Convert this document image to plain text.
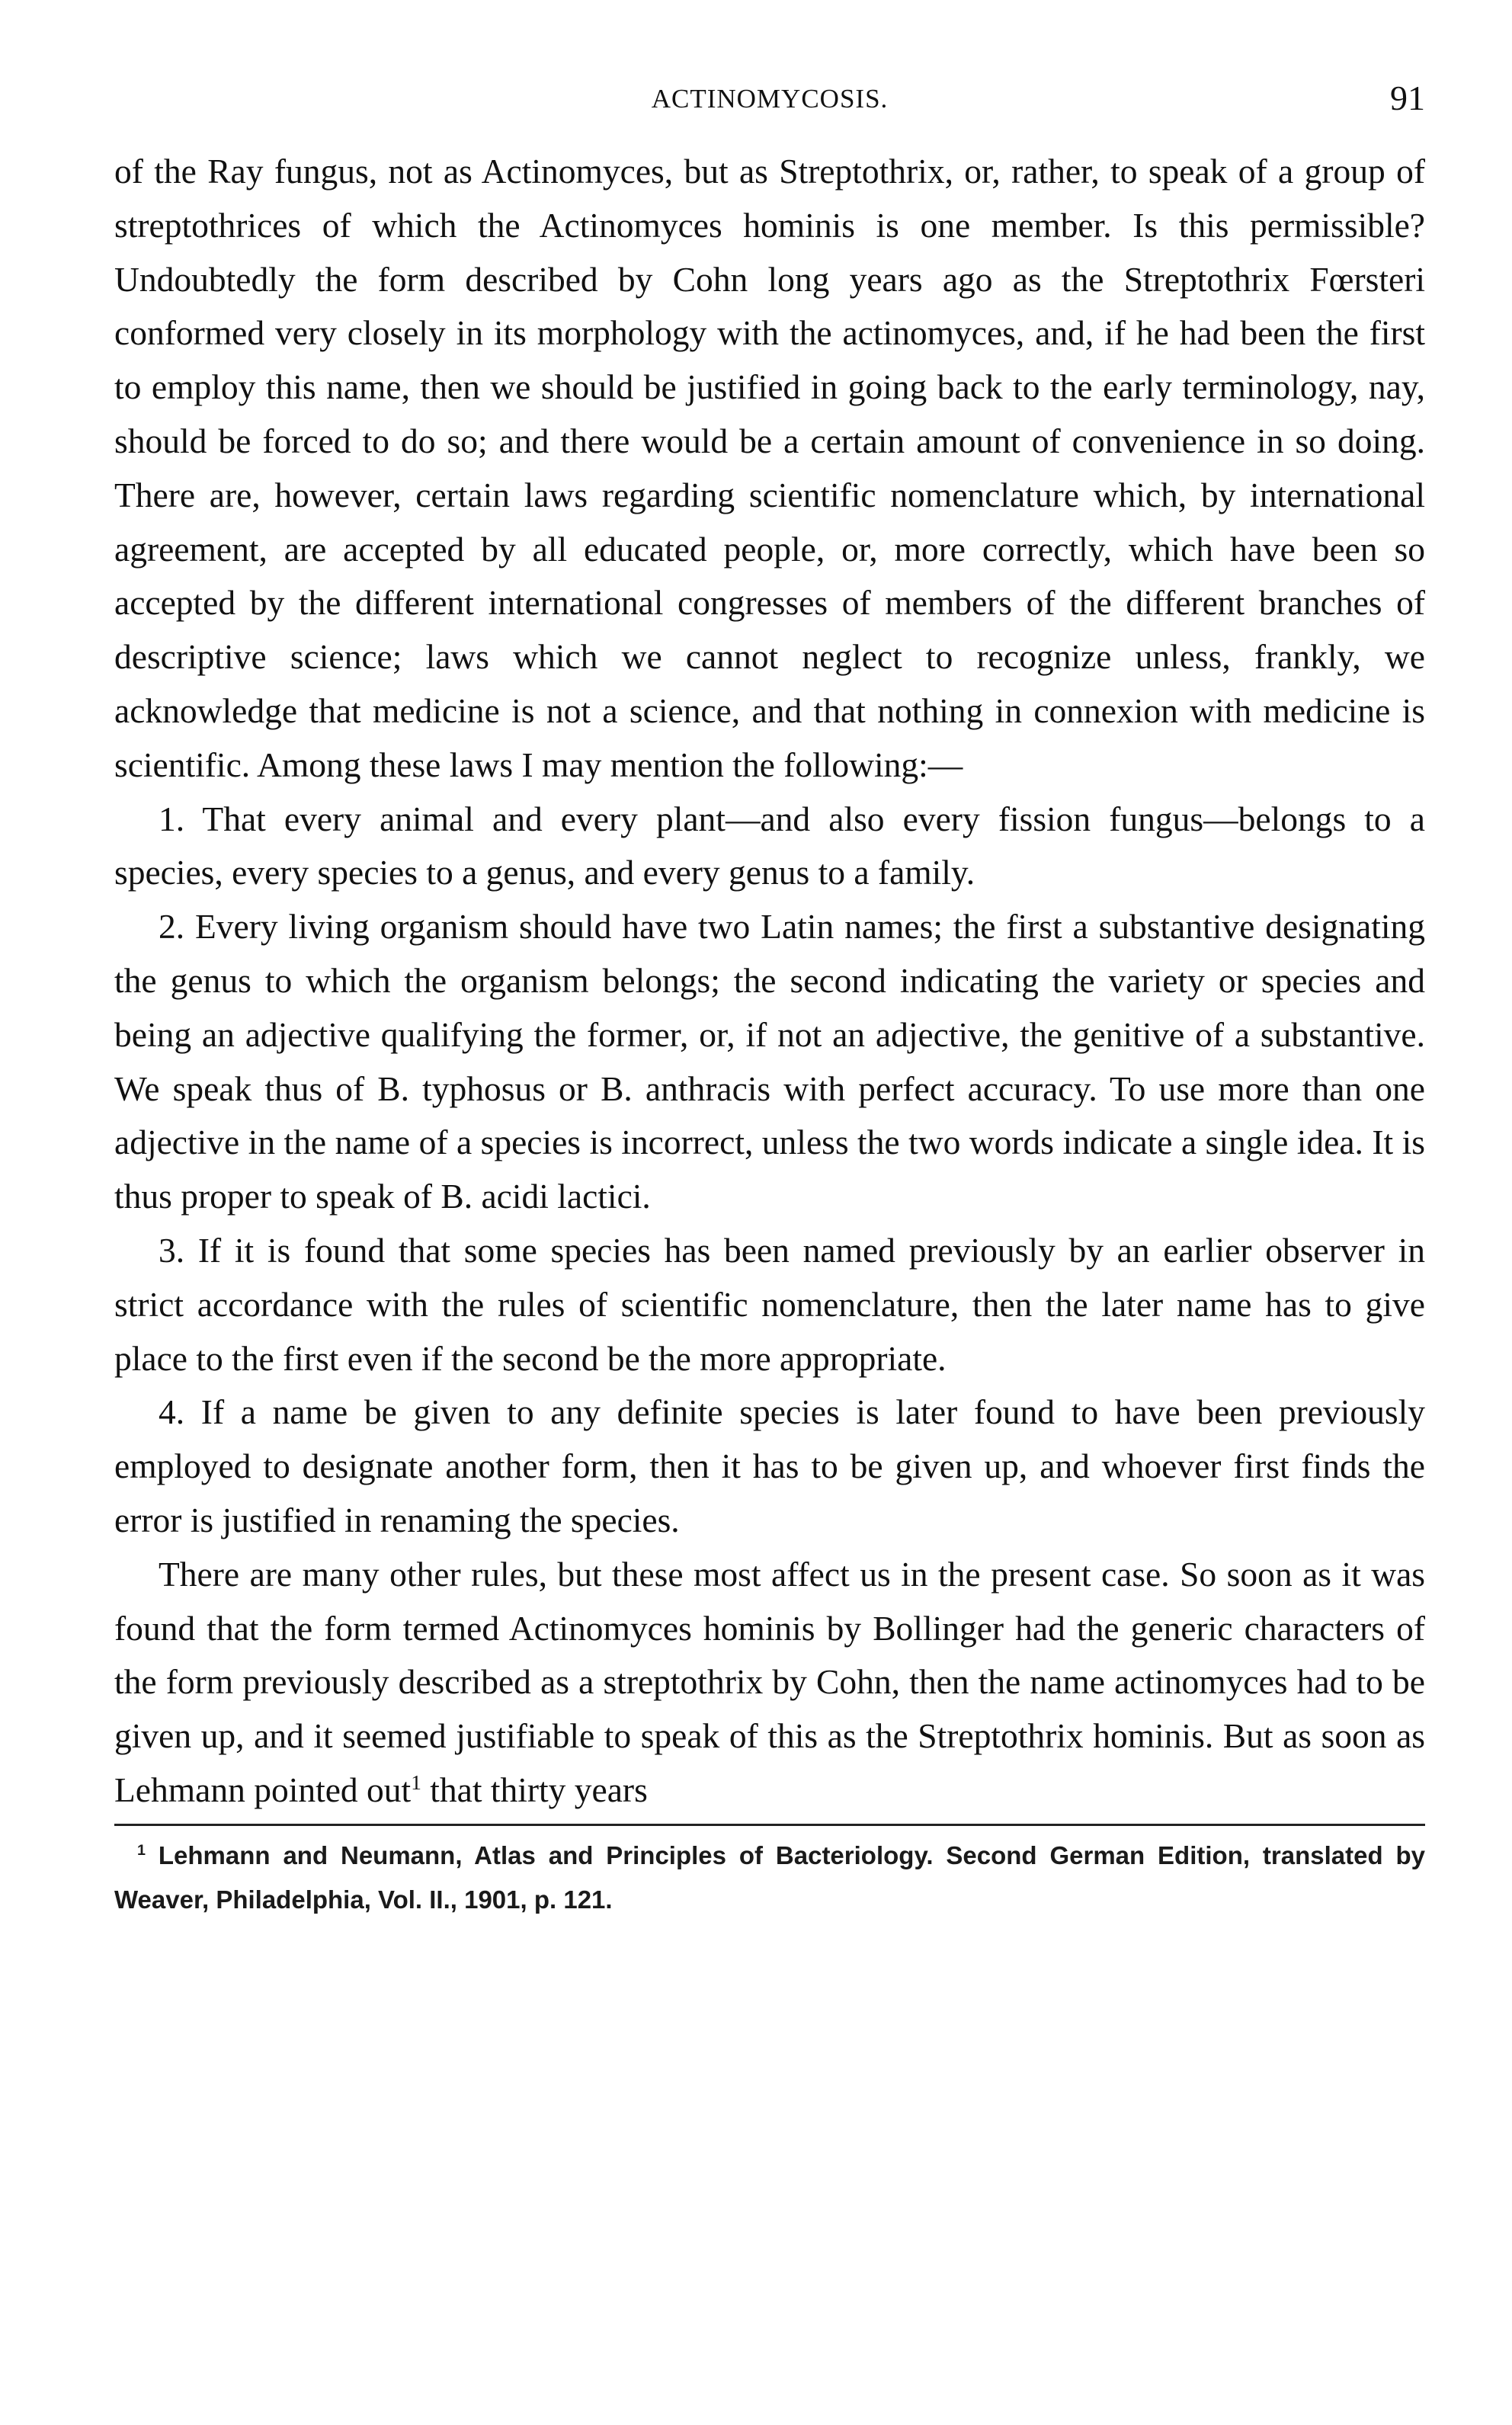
ACTINOMYCOSIS.	91

of the Ray fungus, not as Actinomyces, but as Streptothrix, or, rather, to speak of a group of streptothrices of which the Actinomyces hominis is one member. Is this permissible? Undoubtedly the form described by Cohn long years ago as the Streptothrix Fœrsteri conformed very closely in its morphology with the actinomyces, and, if he had been the first to employ this name, then we should be justified in going back to the early terminology, nay, should be forced to do so; and there would be a certain amount of convenience in so doing. There are, however, certain laws regarding scientific nomenclature which, by international agreement, are accepted by all educated people, or, more correctly, which have been so accepted by the different international congresses of members of the different branches of descriptive science; laws which we cannot neglect to recognize unless, frankly, we acknowledge that medicine is not a science, and that nothing in connexion with medicine is scientific. Among these laws I may mention the following:—

1. That every animal and every plant—and also every fission fungus—belongs to a species, every species to a genus, and every genus to a family.

2. Every living organism should have two Latin names; the first a substantive designating the genus to which the organism belongs; the second indicating the variety or species and being an adjective qualifying the former, or, if not an adjective, the genitive of a substantive. We speak thus of B. typhosus or B. anthracis with perfect accuracy. To use more than one adjective in the name of a species is incorrect, unless the two words indicate a single idea. It is thus proper to speak of B. acidi lactici.

3. If it is found that some species has been named previously by an earlier observer in strict accordance with the rules of scientific nomenclature, then the later name has to give place to the first even if the second be the more appropriate.

4. If a name be given to any definite species is later found to have been previously employed to designate another form, then it has to be given up, and whoever first finds the error is justified in renaming the species.

There are many other rules, but these most affect us in the present case. So soon as it was found that the form termed Actinomyces hominis by Bollinger had the generic characters of the form previously described as a streptothrix by Cohn, then the name actinomyces had to be given up, and it seemed justifiable to speak of this as the Streptothrix hominis. But as soon as Lehmann pointed out$^1$ that thirty years

$^1$ Lehmann and Neumann, Atlas and Principles of Bacteriology. Second German Edition, translated by Weaver, Philadelphia, Vol. II., 1901, p. 121.
